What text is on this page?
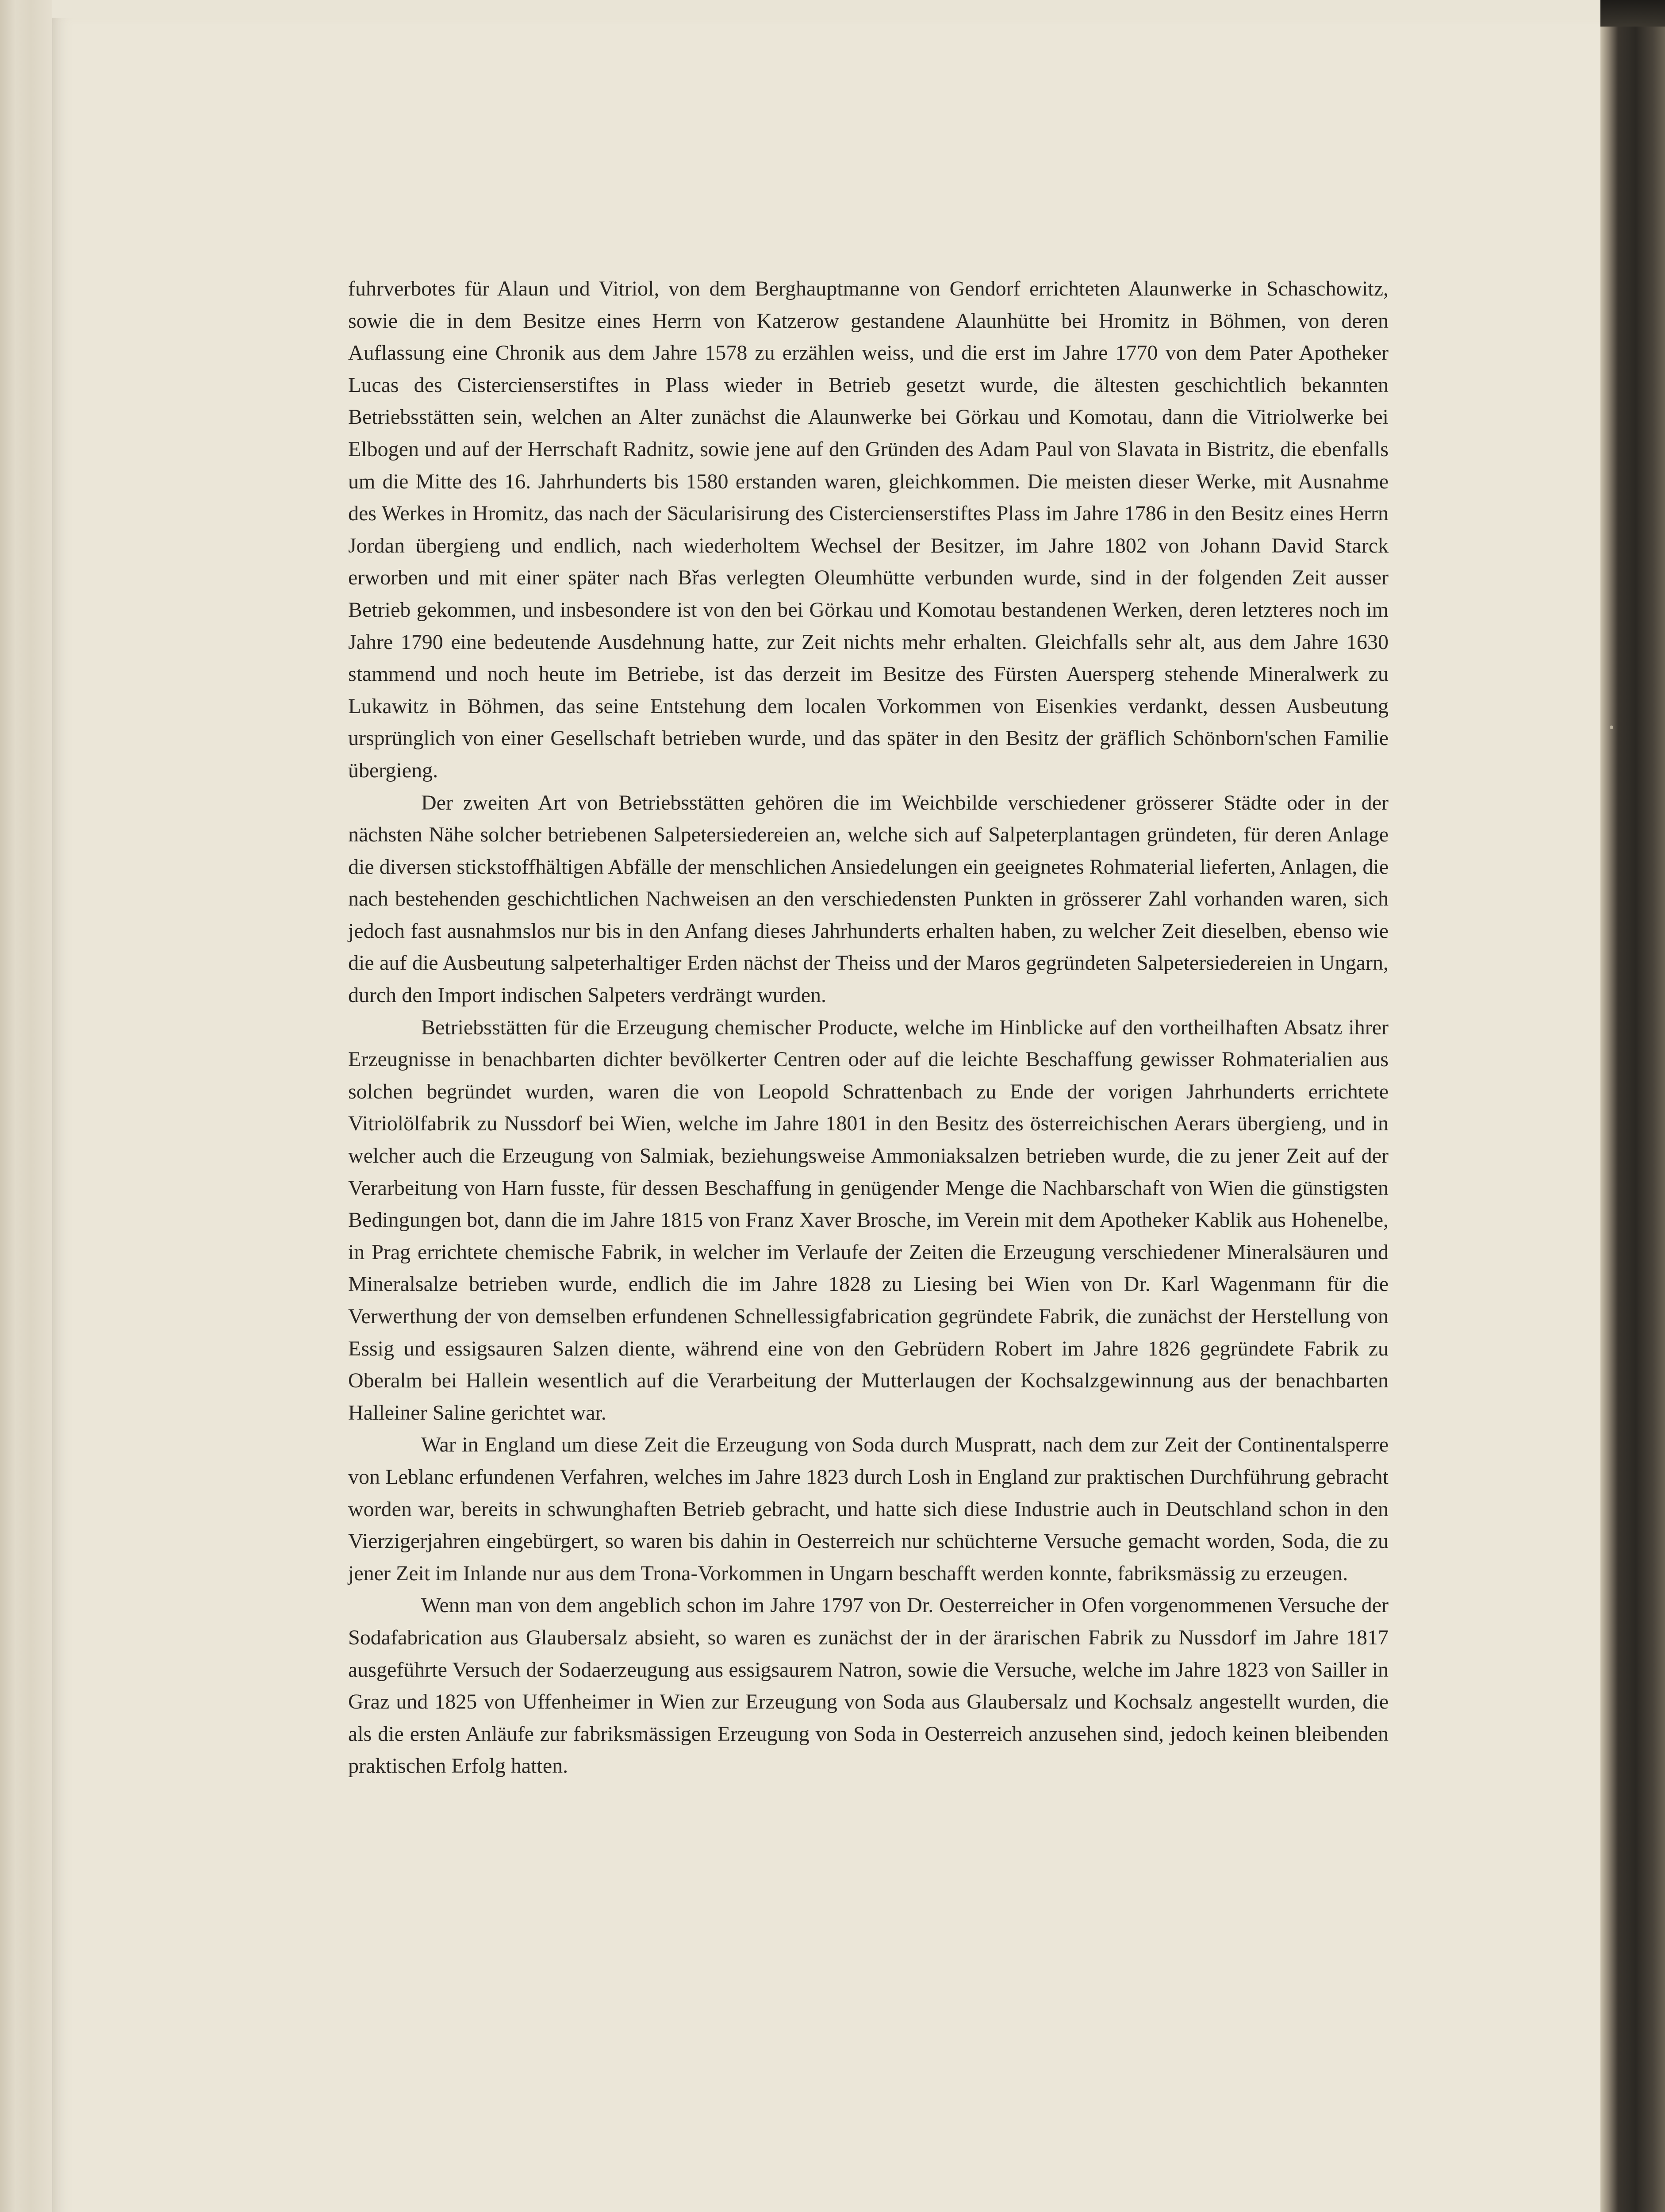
fuhrverbotes für Alaun und Vitriol, von dem Berghauptmanne von Gendorf errichteten Alaunwerke in Schaschowitz, sowie die in dem Besitze eines Herrn von Katzerow gestandene Alaunhütte bei Hromitz in Böhmen, von deren Auflassung eine Chronik aus dem Jahre 1578 zu erzählen weiss, und die erst im Jahre 1770 von dem Pater Apotheker Lucas des Cistercienserstiftes in Plass wieder in Betrieb gesetzt wurde, die ältesten geschichtlich bekannten Betriebsstätten sein, welchen an Alter zunächst die Alaunwerke bei Görkau und Komotau, dann die Vitriolwerke bei Elbogen und auf der Herrschaft Radnitz, sowie jene auf den Gründen des Adam Paul von Slavata in Bistritz, die ebenfalls um die Mitte des 16. Jahrhunderts bis 1580 erstanden waren, gleichkommen. Die meisten dieser Werke, mit Ausnahme des Werkes in Hromitz, das nach der Säcularisirung des Cistercienserstiftes Plass im Jahre 1786 in den Besitz eines Herrn Jordan übergieng und endlich, nach wiederholtem Wechsel der Besitzer, im Jahre 1802 von Johann David Starck erworben und mit einer später nach Břas verlegten Oleumhütte verbunden wurde, sind in der folgenden Zeit ausser Betrieb gekommen, und insbesondere ist von den bei Görkau und Komotau bestandenen Werken, deren letzteres noch im Jahre 1790 eine bedeutende Ausdehnung hatte, zur Zeit nichts mehr erhalten. Gleichfalls sehr alt, aus dem Jahre 1630 stammend und noch heute im Betriebe, ist das derzeit im Besitze des Fürsten Auersperg stehende Mineralwerk zu Lukawitz in Böhmen, das seine Entstehung dem localen Vorkommen von Eisenkies verdankt, dessen Ausbeutung ursprünglich von einer Gesellschaft betrieben wurde, und das später in den Besitz der gräflich Schönborn'schen Familie übergieng.

Der zweiten Art von Betriebsstätten gehören die im Weichbilde verschiedener grösserer Städte oder in der nächsten Nähe solcher betriebenen Salpetersiedereien an, welche sich auf Salpeterplantagen gründeten, für deren Anlage die diversen stickstoffhältigen Abfälle der menschlichen Ansiedelungen ein geeignetes Rohmaterial lieferten, Anlagen, die nach bestehenden geschichtlichen Nachweisen an den verschiedensten Punkten in grösserer Zahl vorhanden waren, sich jedoch fast ausnahmslos nur bis in den Anfang dieses Jahrhunderts erhalten haben, zu welcher Zeit dieselben, ebenso wie die auf die Ausbeutung salpeterhaltiger Erden nächst der Theiss und der Maros gegründeten Salpetersiedereien in Ungarn, durch den Import indischen Salpeters verdrängt wurden.

Betriebsstätten für die Erzeugung chemischer Producte, welche im Hinblicke auf den vortheilhaften Absatz ihrer Erzeugnisse in benachbarten dichter bevölkerter Centren oder auf die leichte Beschaffung gewisser Rohmaterialien aus solchen begründet wurden, waren die von Leopold Schrattenbach zu Ende der vorigen Jahrhunderts errichtete Vitriolölfabrik zu Nussdorf bei Wien, welche im Jahre 1801 in den Besitz des österreichischen Aerars übergieng, und in welcher auch die Erzeugung von Salmiak, beziehungsweise Ammoniaksalzen betrieben wurde, die zu jener Zeit auf der Verarbeitung von Harn fusste, für dessen Beschaffung in genügender Menge die Nachbarschaft von Wien die günstigsten Bedingungen bot, dann die im Jahre 1815 von Franz Xaver Brosche, im Verein mit dem Apotheker Kablik aus Hohenelbe, in Prag errichtete chemische Fabrik, in welcher im Verlaufe der Zeiten die Erzeugung verschiedener Mineralsäuren und Mineralsalze betrieben wurde, endlich die im Jahre 1828 zu Liesing bei Wien von Dr. Karl Wagenmann für die Verwerthung der von demselben erfundenen Schnellessigfabrication gegründete Fabrik, die zunächst der Herstellung von Essig und essigsauren Salzen diente, während eine von den Gebrüdern Robert im Jahre 1826 gegründete Fabrik zu Oberalm bei Hallein wesentlich auf die Verarbeitung der Mutterlaugen der Kochsalzgewinnung aus der benachbarten Halleiner Saline gerichtet war.

War in England um diese Zeit die Erzeugung von Soda durch Muspratt, nach dem zur Zeit der Continentalsperre von Leblanc erfundenen Verfahren, welches im Jahre 1823 durch Losh in England zur praktischen Durchführung gebracht worden war, bereits in schwunghaften Betrieb gebracht, und hatte sich diese Industrie auch in Deutschland schon in den Vierzigerjahren eingebürgert, so waren bis dahin in Oesterreich nur schüchterne Versuche gemacht worden, Soda, die zu jener Zeit im Inlande nur aus dem Trona-Vorkommen in Ungarn beschafft werden konnte, fabriksmässig zu erzeugen.

Wenn man von dem angeblich schon im Jahre 1797 von Dr. Oesterreicher in Ofen vorgenommenen Versuche der Sodafabrication aus Glaubersalz absieht, so waren es zunächst der in der ärarischen Fabrik zu Nussdorf im Jahre 1817 ausgeführte Versuch der Sodaerzeugung aus essigsaurem Natron, sowie die Versuche, welche im Jahre 1823 von Sailler in Graz und 1825 von Uffenheimer in Wien zur Erzeugung von Soda aus Glaubersalz und Kochsalz angestellt wurden, die als die ersten Anläufe zur fabriksmässigen Erzeugung von Soda in Oesterreich anzusehen sind, jedoch keinen bleibenden praktischen Erfolg hatten.
